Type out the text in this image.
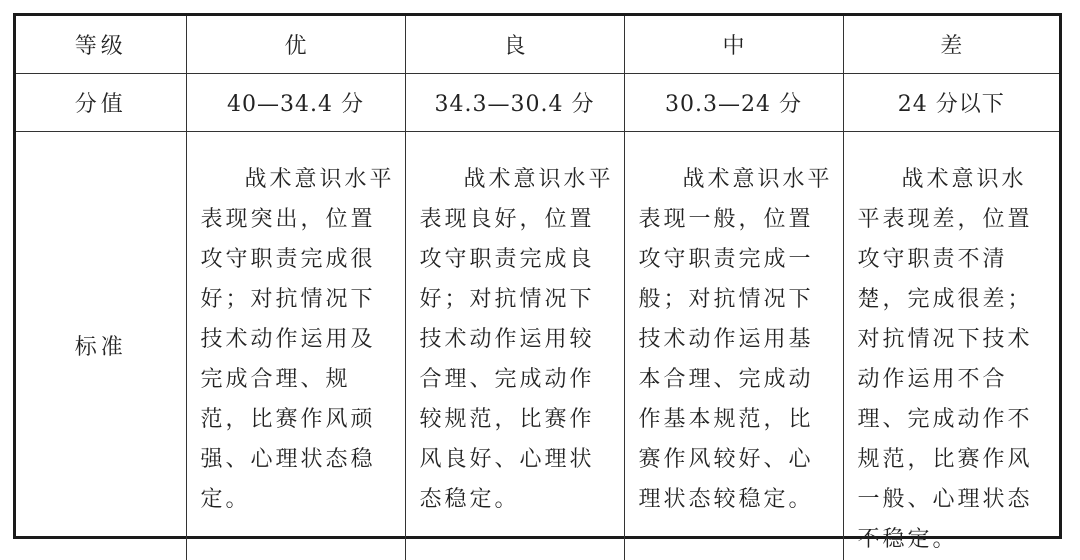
等级	优	良	中	差
分值	40—34.4 分	34.3—30.4 分	30.3—24 分	24 分以下
标准	战术意识水平表现突出，位置攻守职责完成很好；对抗情况下技术动作运用及完成合理、规范，比赛作风顽强、心理状态稳定。	战术意识水平表现良好，位置攻守职责完成良好；对抗情况下技术动作运用较合理、完成动作较规范，比赛作风良好、心理状态稳定。	战术意识水平表现一般，位置攻守职责完成一般；对抗情况下技术动作运用基本合理、完成动作基本规范，比赛作风较好、心理状态较稳定。	战术意识水平表现差，位置攻守职责不清楚，完成很差；对抗情况下技术动作运用不合理、完成动作不规范，比赛作风一般、心理状态不稳定。
